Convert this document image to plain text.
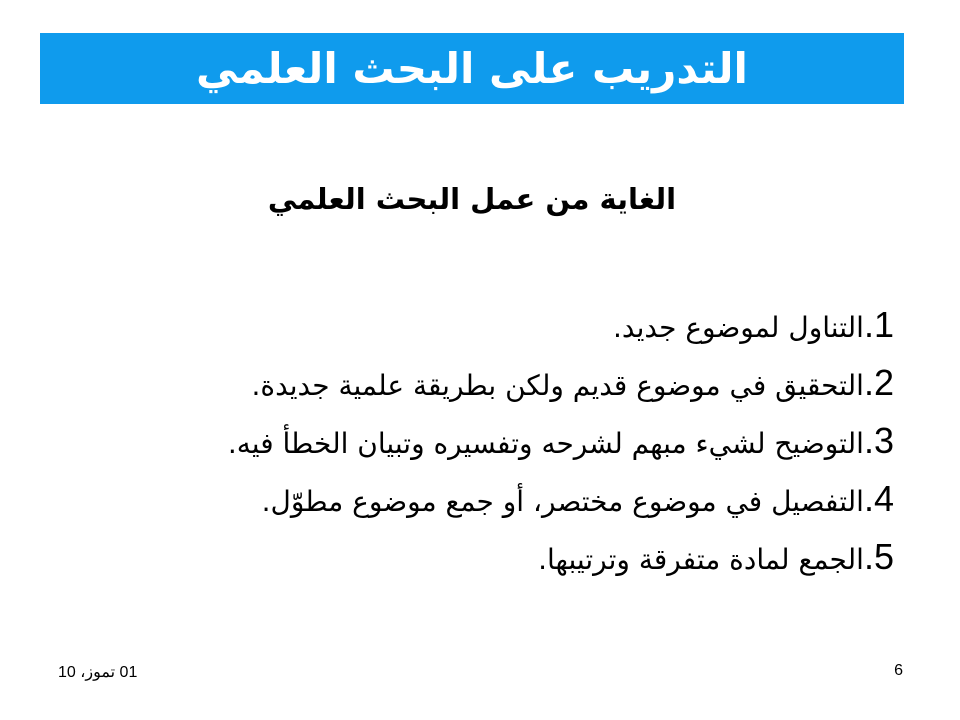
التدريب على البحث العلمي
الغاية من عمل البحث العلمي
1.التناول لموضوع جديد.
2.التحقيق في موضوع قديم ولكن بطريقة علمية جديدة.
3.التوضيح لشيء مبهم لشرحه وتفسيره وتبيان الخطأ فيه.
4.التفصيل في موضوع مختصر، أو جمع موضوع مطوّل.
5.الجمع لمادة متفرقة وترتيبها.
01 تموز، 10	6
